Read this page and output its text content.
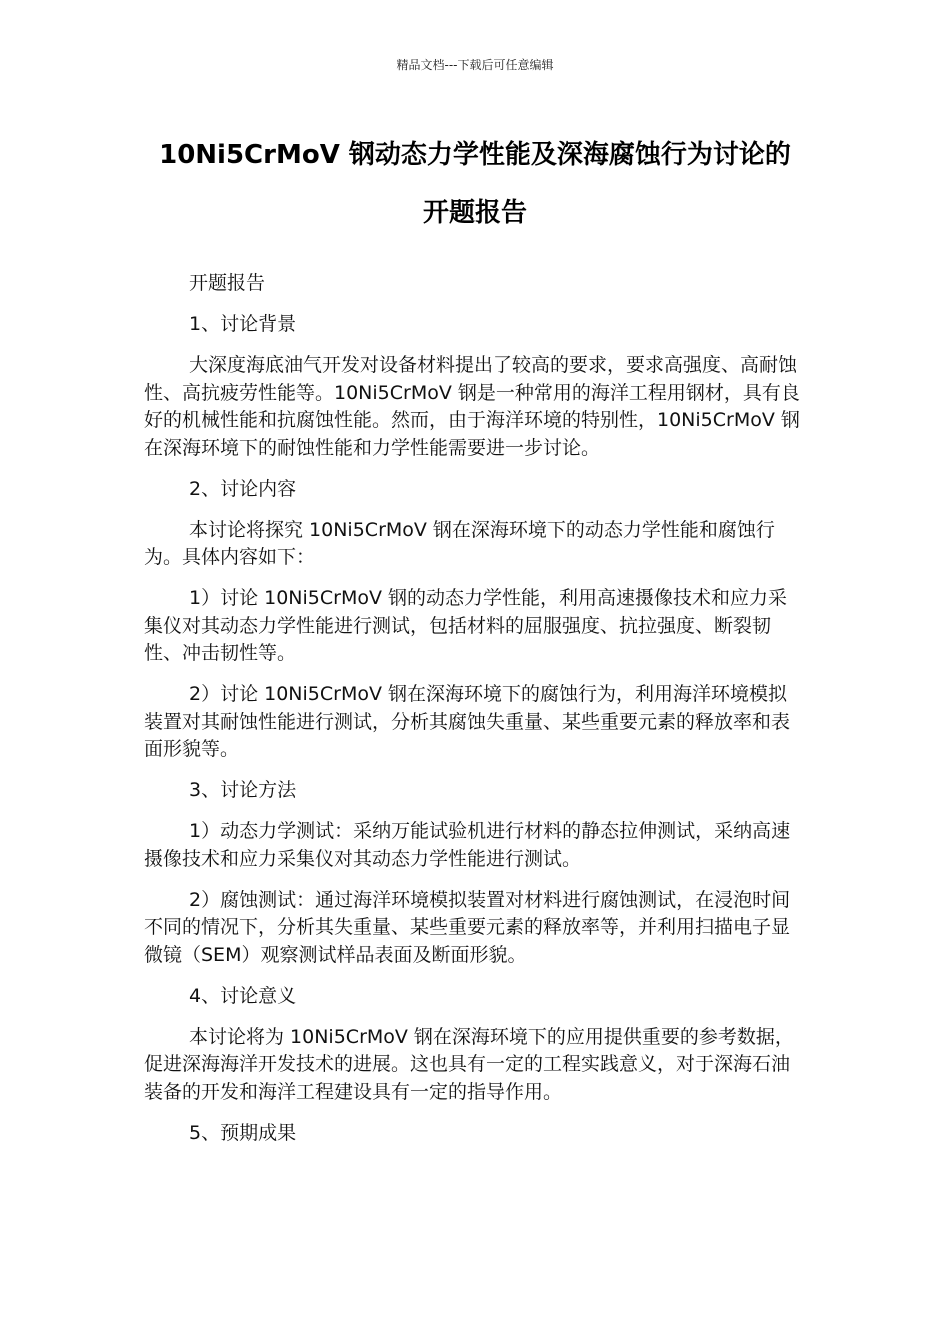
精品文档---下载后可任意编辑
10Ni5CrMoV 钢动态力学性能及深海腐蚀行为讨论的
开题报告

开题报告

1、讨论背景

大深度海底油气开发对设备材料提出了较高的要求，要求高强度、高耐蚀性、高抗疲劳性能等。10Ni5CrMoV 钢是一种常用的海洋工程用钢材，具有良好的机械性能和抗腐蚀性能。然而，由于海洋环境的特别性，10Ni5CrMoV 钢在深海环境下的耐蚀性能和力学性能需要进一步讨论。

2、讨论内容

本讨论将探究 10Ni5CrMoV 钢在深海环境下的动态力学性能和腐蚀行为。具体内容如下：

1）讨论 10Ni5CrMoV 钢的动态力学性能，利用高速摄像技术和应力采集仪对其动态力学性能进行测试，包括材料的屈服强度、抗拉强度、断裂韧性、冲击韧性等。

2）讨论 10Ni5CrMoV 钢在深海环境下的腐蚀行为，利用海洋环境模拟装置对其耐蚀性能进行测试，分析其腐蚀失重量、某些重要元素的释放率和表面形貌等。

3、讨论方法

1）动态力学测试：采纳万能试验机进行材料的静态拉伸测试，采纳高速摄像技术和应力采集仪对其动态力学性能进行测试。

2）腐蚀测试：通过海洋环境模拟装置对材料进行腐蚀测试，在浸泡时间不同的情况下，分析其失重量、某些重要元素的释放率等，并利用扫描电子显微镜（SEM）观察测试样品表面及断面形貌。

4、讨论意义

本讨论将为 10Ni5CrMoV 钢在深海环境下的应用提供重要的参考数据，促进深海海洋开发技术的进展。这也具有一定的工程实践意义，对于深海石油装备的开发和海洋工程建设具有一定的指导作用。

5、预期成果
